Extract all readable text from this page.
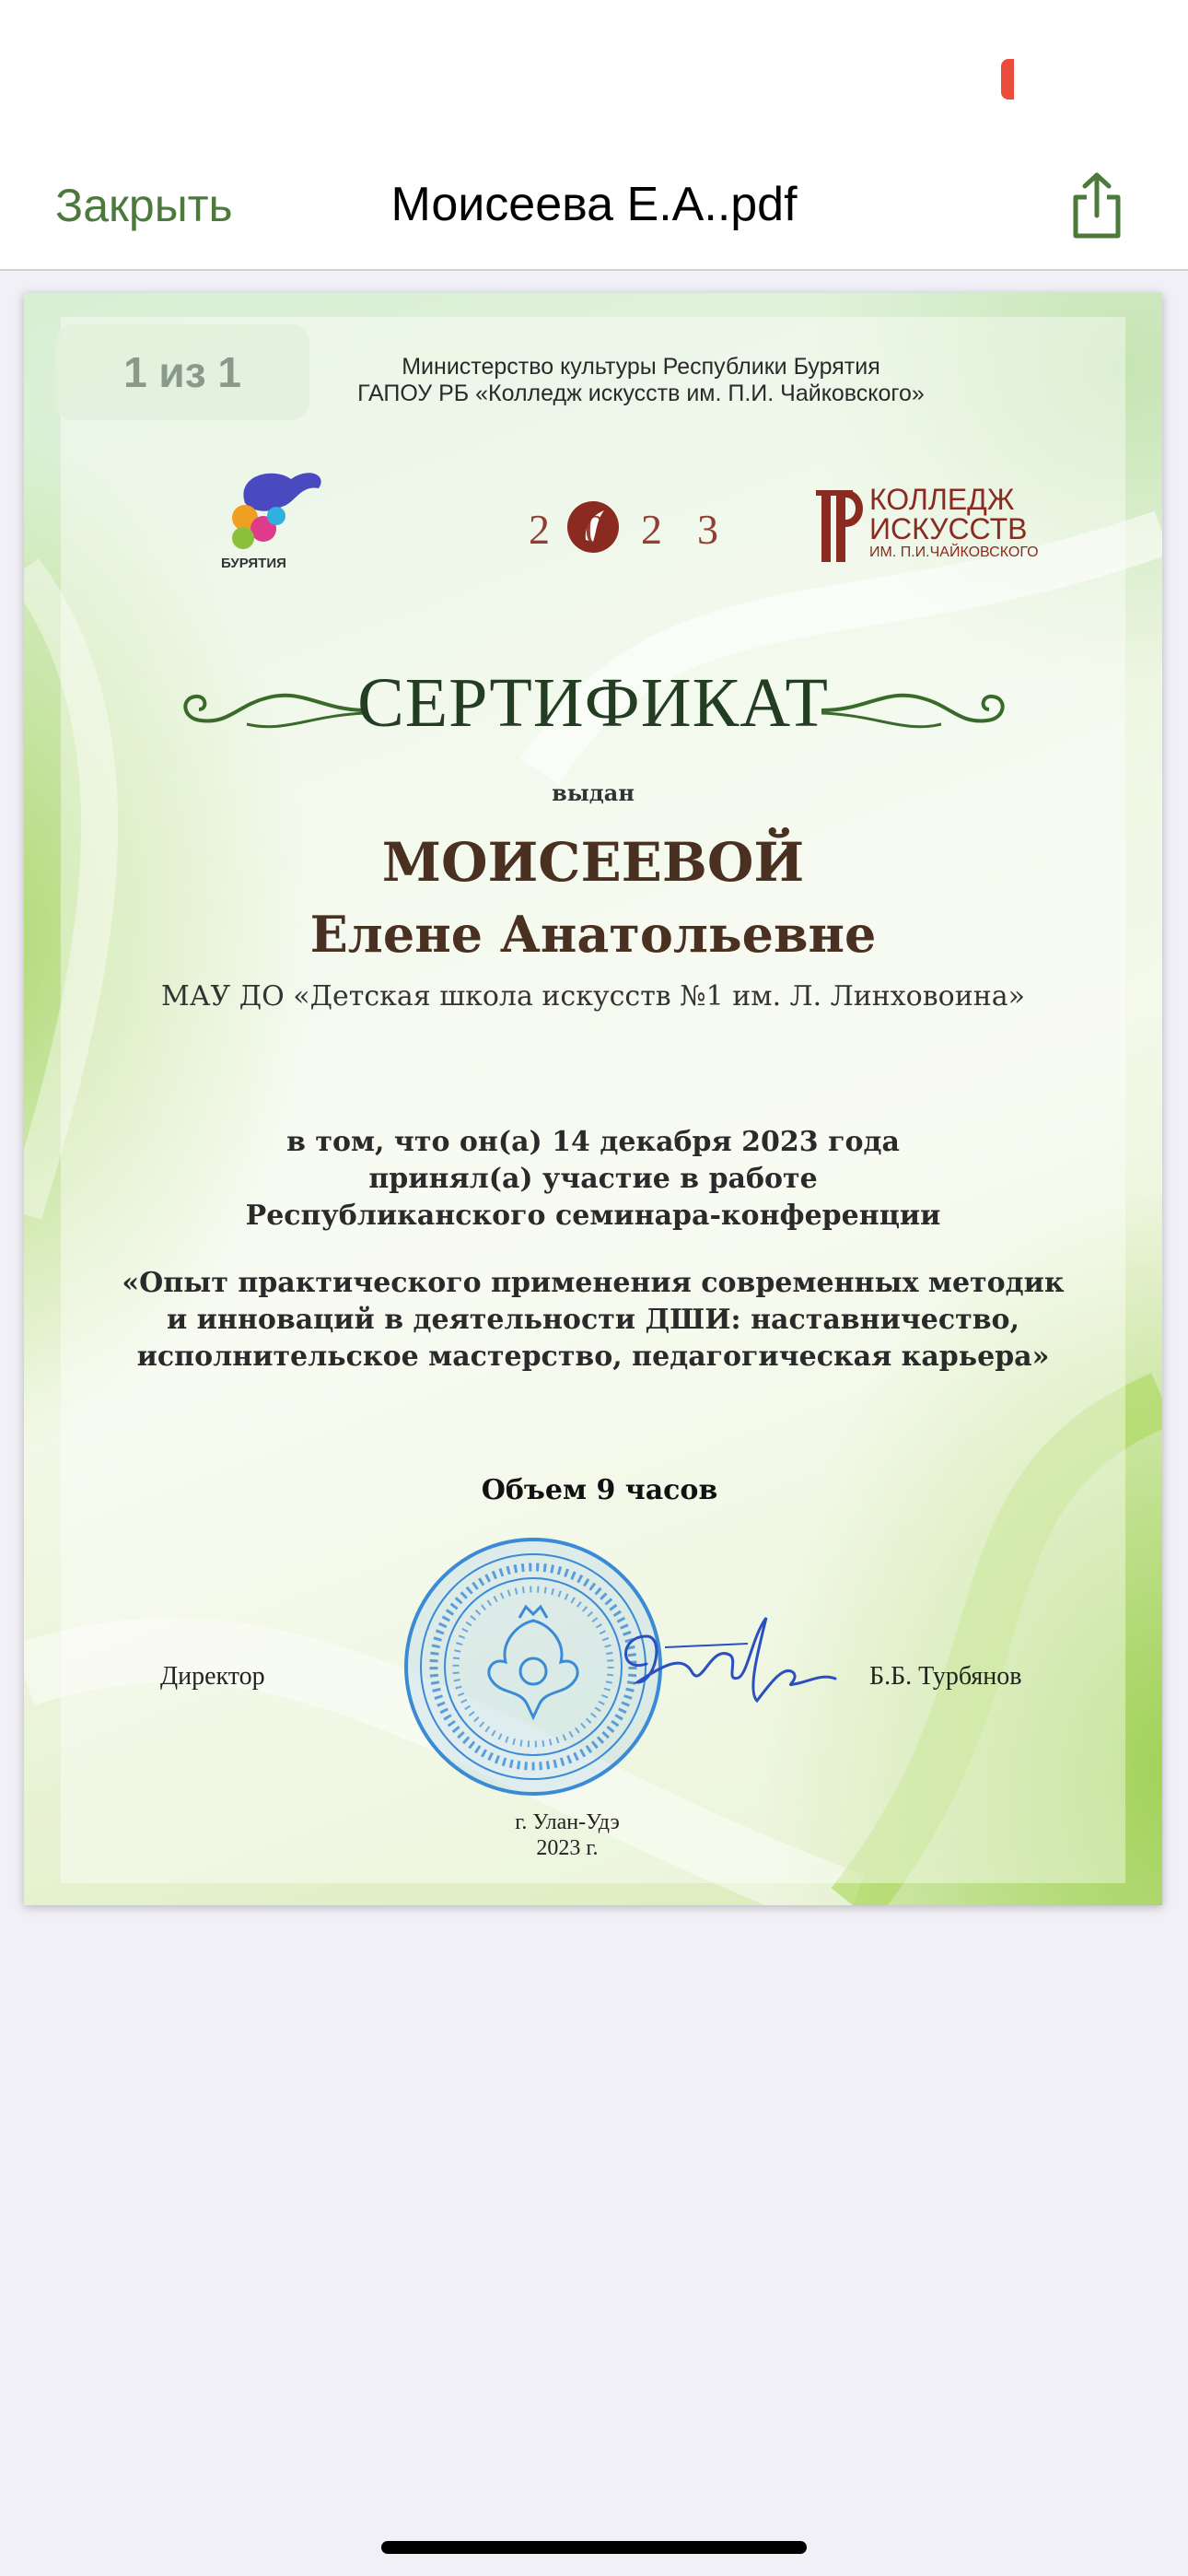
Закрыть	Моисеева Е.А..pdf
1 из 1	Министерство культуры Республики Бурятия
ГАПОУ РБ «Колледж искусств им. П.И. Чайковского»
БУРЯТИЯ
2023
КОЛЛЕДЖ
ИСКУССТВ
ИМ. П.И.ЧАЙКОВСКОГО
СЕРТИФИКАТ
выдан
МОИСЕЕВОЙ
Елене Анатольевне
МАУ ДО «Детская школа искусств №1 им. Л. Линховоина»
в том, что он(а) 14 декабря 2023 года
принял(а) участие в работе
Республиканского семинара-конференции
«Опыт практического применения современных методик
и инноваций в деятельности ДШИ: наставничество,
исполнительское мастерство, педагогическая карьера»
Объем 9 часов
Директор	Б.Б. Турбянов
г. Улан-Удэ
2023 г.
